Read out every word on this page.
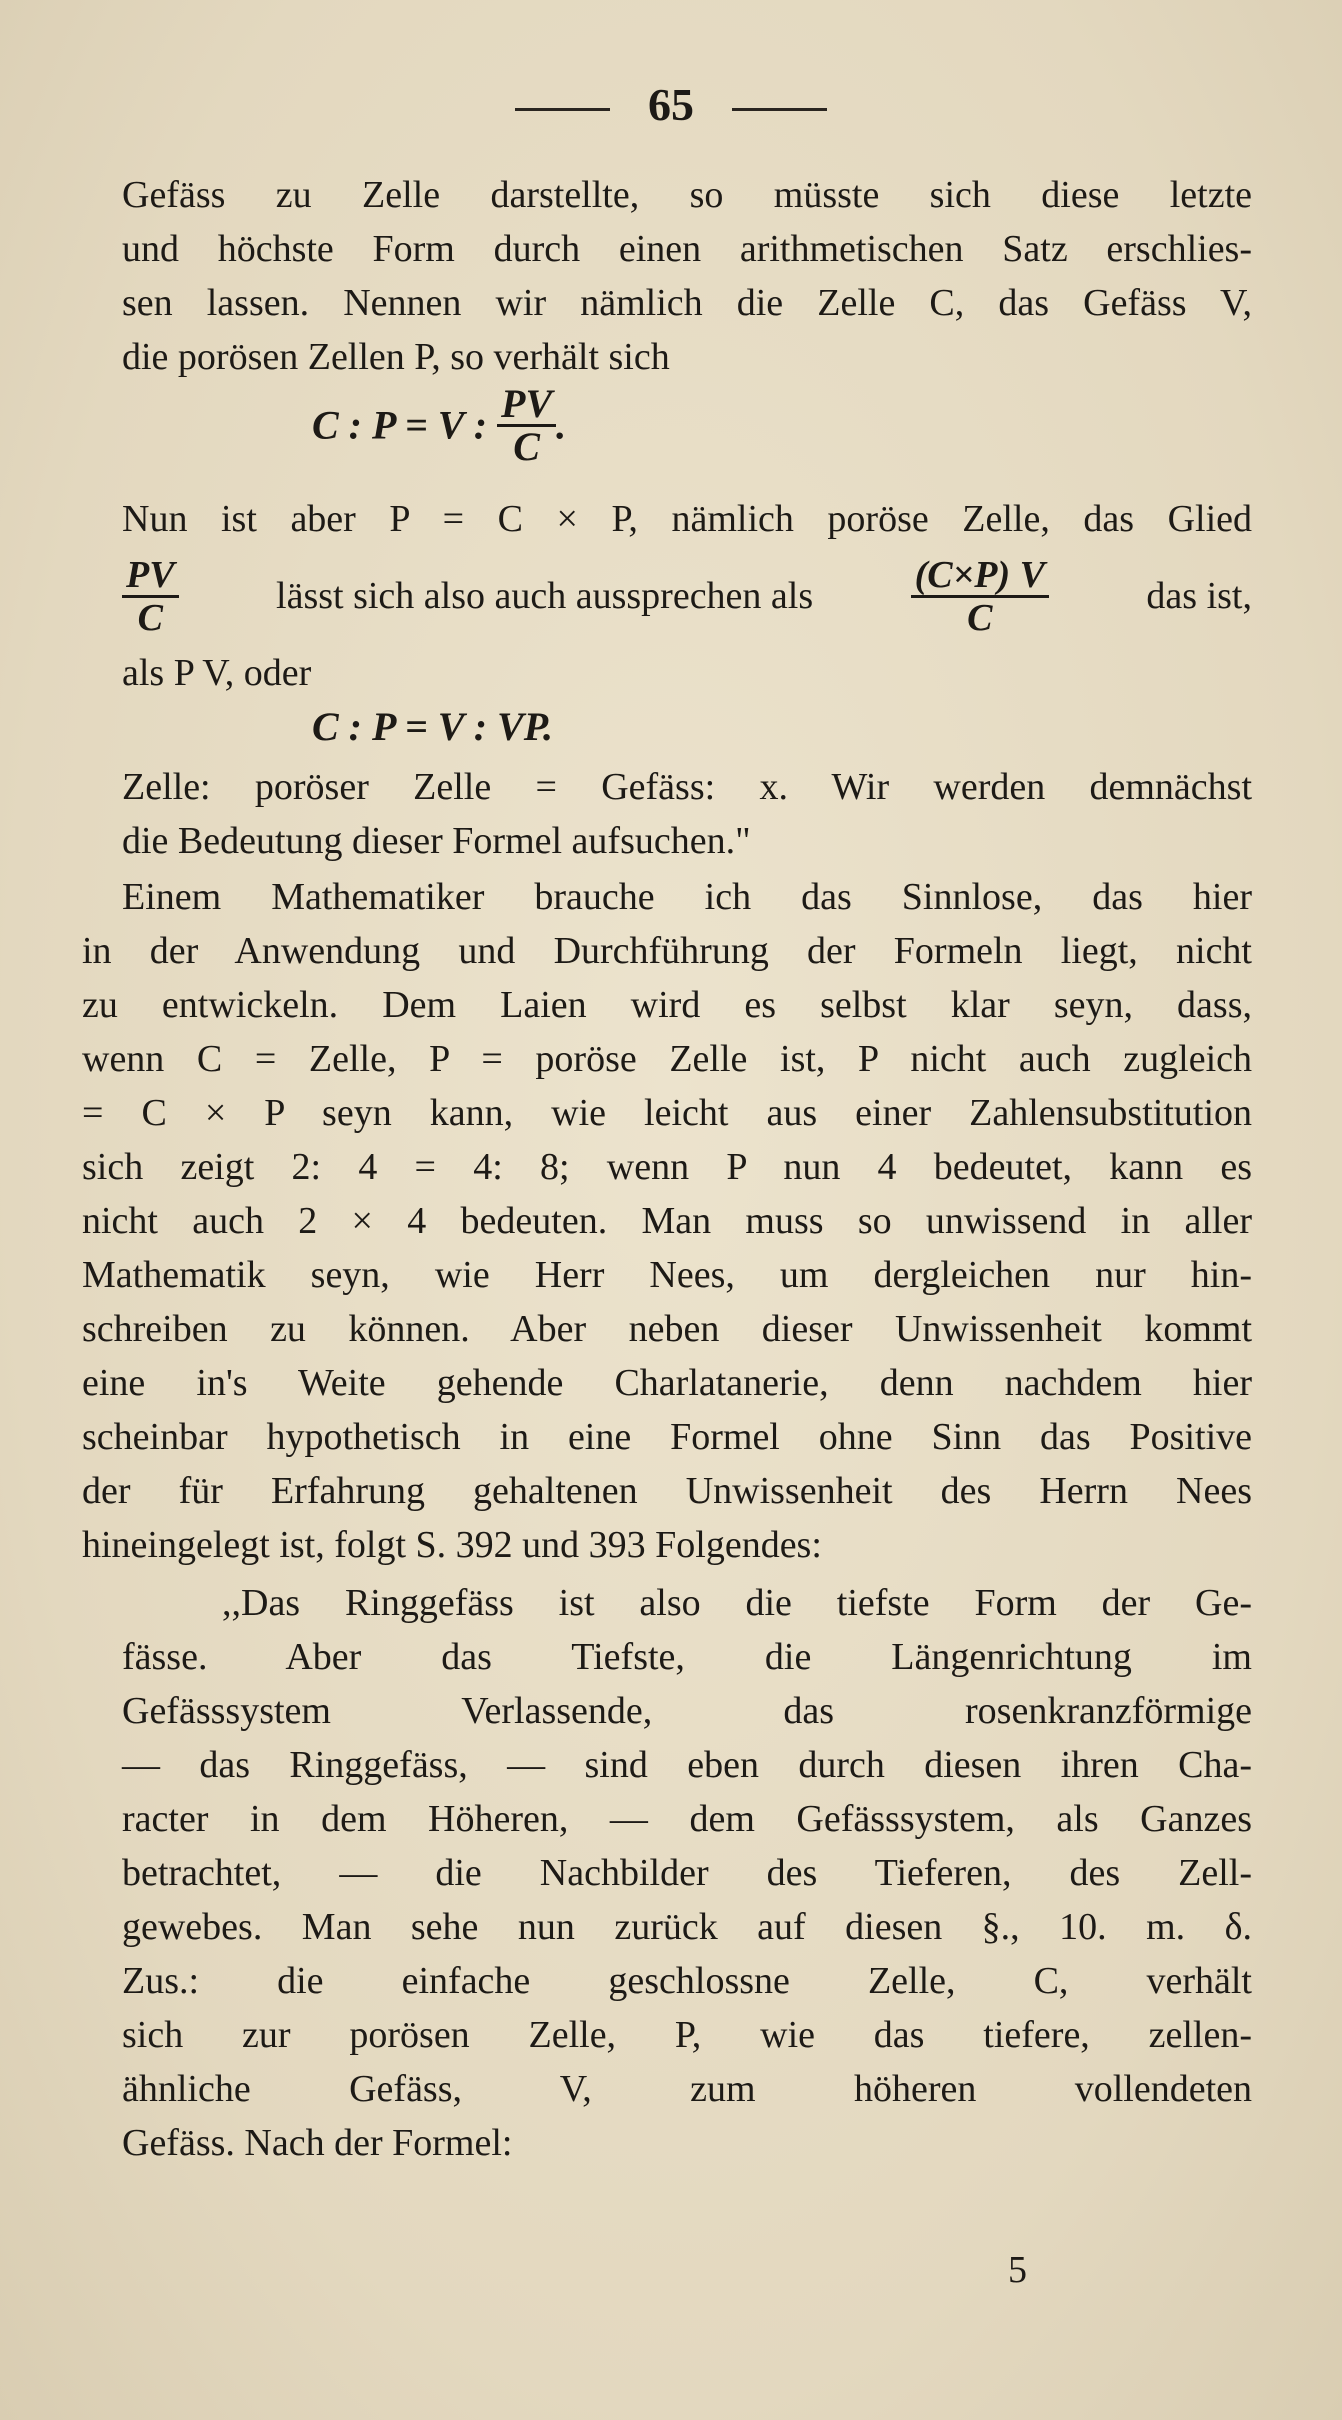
65
Gefäss zu Zelle darstellte, so müsste sich diese letzte
und höchste Form durch einen arithmetischen Satz erschlies-
sen lassen. Nennen wir nämlich die Zelle C, das Gefäss V,
die porösen Zellen P, so verhält sich
C : P = V : $\frac{PV}{C}$ .
Nun ist aber P = C × P, nämlich poröse Zelle, das Glied
$\frac{PV}{C}$	lässt sich also auch aussprechen als	$\frac{(C\times P) V}{C}$	das ist,
als P V, oder
C : P = V : VP.
Zelle: poröser Zelle = Gefäss: x. Wir werden demnächst
die Bedeutung dieser Formel aufsuchen."
Einem Mathematiker brauche ich das Sinnlose, das hier
in der Anwendung und Durchführung der Formeln liegt, nicht
zu entwickeln. Dem Laien wird es selbst klar seyn, dass,
wenn C = Zelle, P = poröse Zelle ist, P nicht auch zugleich
= C × P seyn kann, wie leicht aus einer Zahlensubstitution
sich zeigt 2: 4 = 4: 8; wenn P nun 4 bedeutet, kann es
nicht auch 2 × 4 bedeuten. Man muss so unwissend in aller
Mathematik seyn, wie Herr Nees, um dergleichen nur hin-
schreiben zu können. Aber neben dieser Unwissenheit kommt
eine in's Weite gehende Charlatanerie, denn nachdem hier
scheinbar hypothetisch in eine Formel ohne Sinn das Positive
der für Erfahrung gehaltenen Unwissenheit des Herrn Nees
hineingelegt ist, folgt S. 392 und 393 Folgendes:
,,Das Ringgefäss ist also die tiefste Form der Ge-
fässe. Aber das Tiefste, die Längenrichtung im
Gefässsystem Verlassende, das rosenkranzförmige
— das Ringgefäss, — sind eben durch diesen ihren Cha-
racter in dem Höheren, — dem Gefässsystem, als Ganzes
betrachtet, — die Nachbilder des Tieferen, des Zell-
gewebes. Man sehe nun zurück auf diesen §., 10. m. δ.
Zus.: die einfache geschlossne Zelle, C, verhält
sich zur porösen Zelle, P, wie das tiefere, zellen-
ähnliche Gefäss, V, zum höheren vollendeten
Gefäss. Nach der Formel:
5
